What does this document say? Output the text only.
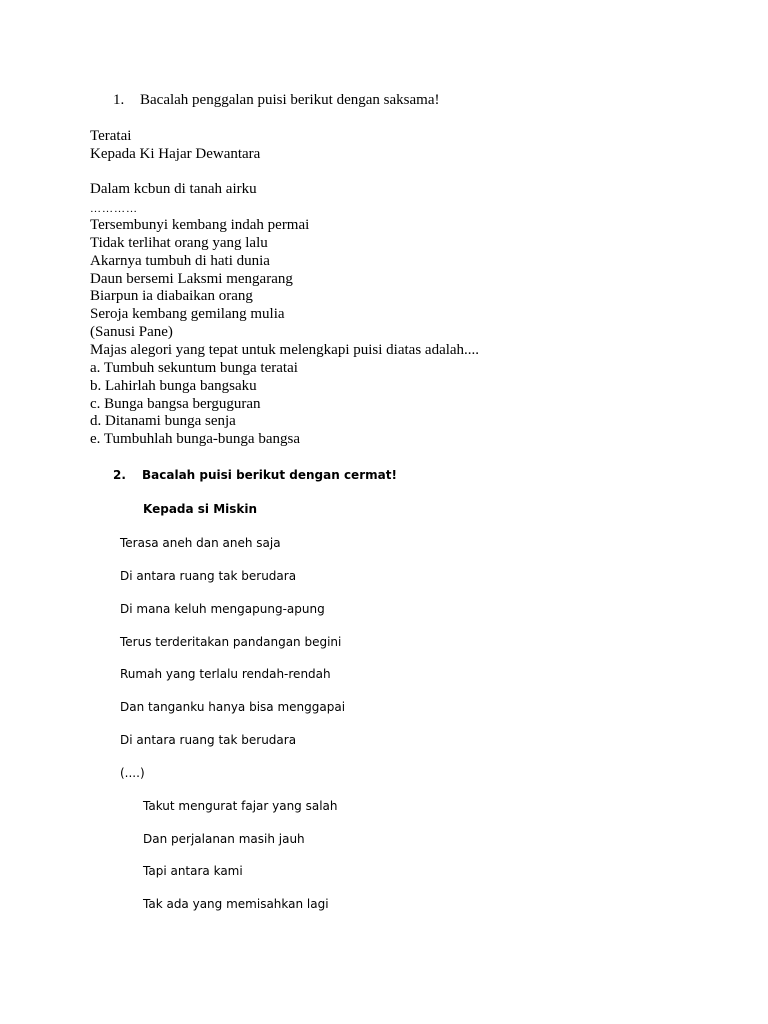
1. Bacalah penggalan puisi berikut dengan saksama!
Teratai
Kepada Ki Hajar Dewantara
Dalam kcbun di tanah airku
…………
Tersembunyi kembang indah permai
Tidak terlihat orang yang lalu
Akarnya tumbuh di hati dunia
Daun bersemi Laksmi mengarang
Biarpun ia diabaikan orang
Seroja kembang gemilang mulia
(Sanusi Pane)
Majas alegori yang tepat untuk melengkapi puisi diatas adalah....
a. Tumbuh sekuntum bunga teratai
b. Lahirlah bunga bangsaku
c. Bunga bangsa berguguran
d. Ditanami bunga senja
e. Tumbuhlah bunga-bunga bangsa
2. Bacalah puisi berikut dengan cermat!
Kepada si Miskin
Terasa aneh dan aneh saja
Di antara ruang tak berudara
Di mana keluh mengapung-apung
Terus terderitakan pandangan begini
Rumah yang terlalu rendah-rendah
Dan tanganku hanya bisa menggapai
Di antara ruang tak berudara
(....)
Takut mengurat fajar yang salah
Dan perjalanan masih jauh
Tapi antara kami
Tak ada yang memisahkan lagi
